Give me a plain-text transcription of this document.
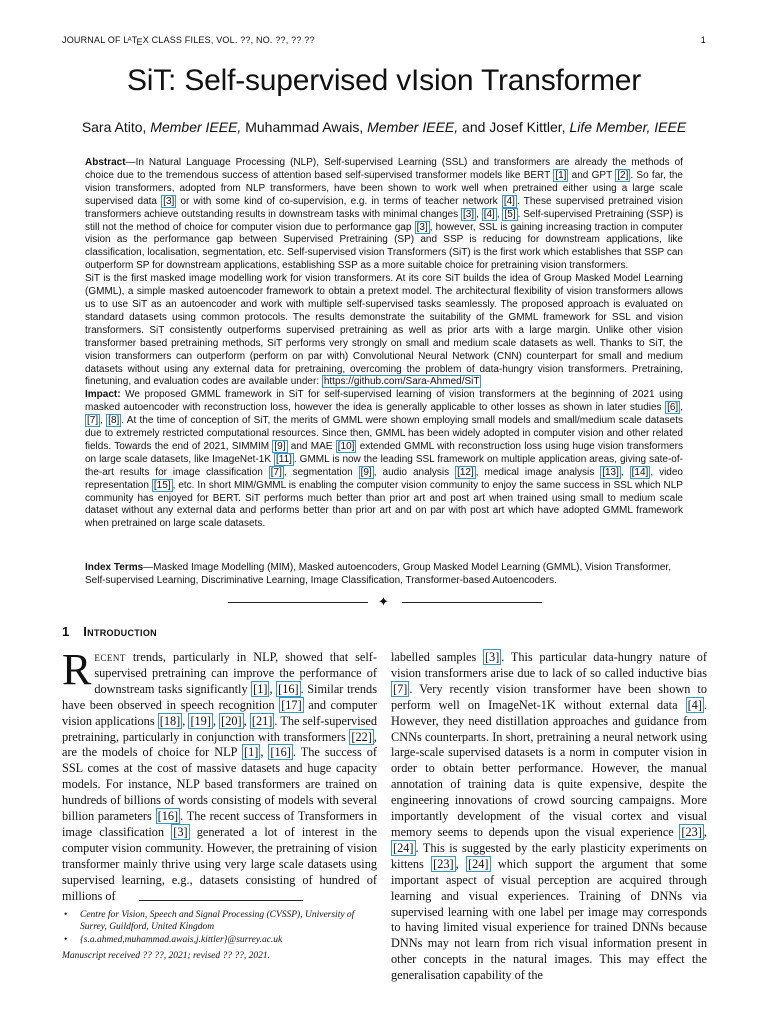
JOURNAL OF $L^ATEX$ CLASS FILES, VOL. ??, NO. ??, ?? ??	1
SiT: Self-supervised vIsion Transformer
Sara Atito, Member IEEE, Muhammad Awais, Member IEEE, and Josef Kittler, Life Member, IEEE

Abstract—In Natural Language Processing (NLP), Self-supervised Learning (SSL) and transformers are already the methods of choice due to the tremendous success of attention based self-supervised transformer models like BERT [1] and GPT [2] . So far, the vision transformers, adopted from NLP transformers, have been shown to work well when pretrained either using a large scale supervised data [3] or with some kind of co-supervision, e.g. in terms of teacher network [4] . These supervised pretrained vision transformers achieve outstanding results in downstream tasks with minimal changes [3] , [4] , [5] . Self-supervised Pretraining (SSP) is still not the method of choice for computer vision due to performance gap [3] , however, SSL is gaining increasing traction in computer vision as the performance gap between Supervised Pretraining (SP) and SSP is reducing for downstream applications, like classification, localisation, segmentation, etc. Self-supervised vision Transformers (SiT) is the first work which establishes that SSP can outperform SP for downstream applications, establishing SSP as a more suitable choice for pretraining vision transformers.

SiT is the first masked image modelling work for vision transformers. At its core SiT builds the idea of Group Masked Model Learning (GMML), a simple masked autoencoder framework to obtain a pretext model. The architectural flexibility of vision transformers allows us to use SiT as an autoencoder and work with multiple self-supervised tasks seamlessly. The proposed approach is evaluated on standard datasets using common protocols. The results demonstrate the suitability of the GMML framework for SSL and vision transformers. SiT consistently outperforms supervised pretraining as well as prior arts with a large margin. Unlike other vision transformer based pretraining methods, SiT performs very strongly on small and medium scale datasets as well. Thanks to SiT, the vision transformers can outperform (perform on par with) Convolutional Neural Network (CNN) counterpart for small and medium datasets without using any external data for pretraining, overcoming the problem of data-hungry vision transformers. Pretraining, finetuning, and evaluation codes are available under: https://github.com/Sara-Ahmed/SiT

Impact: We proposed GMML framework in SiT for self-supervised learning of vision transformers at the beginning of 2021 using masked autoencoder with reconstruction loss, however the idea is generally applicable to other losses as shown in later studies [6] , [7] , [8] . At the time of conception of SiT, the merits of GMML were shown employing small models and small/medium scale datasets due to extremely restricted computational resources. Since then, GMML has been widely adopted in computer vision and other related fields. Towards the end of 2021, SIMMIM [9] and MAE [10] extended GMML with reconstruction loss using huge vision transformers on large scale datasets, like ImageNet-1K [11] . GMML is now the leading SSL framework on multiple application areas, giving sate-of-the-art results for image classification [7] , segmentation [9] , audio analysis [12] , medical image analysis [13] , [14] , video representation [15] , etc. In short MIM/GMML is enabling the computer vision community to enjoy the same success in SSL which NLP community has enjoyed for BERT. SiT performs much better than prior art and post art when trained using small to medium scale dataset without any external data and performs better than prior art and on par with post art which have adopted GMML framework when pretrained on large scale datasets.

Index Terms—Masked Image Modelling (MIM), Masked autoencoders, Group Masked Model Learning (GMML), Vision Transformer, Self-supervised Learning, Discriminative Learning, Image Classification, Transformer-based Autoencoders.
✦
1 Introduction

Recent trends, particularly in NLP, showed that self-supervised pretraining can improve the performance of downstream tasks significantly [1] , [16] . Similar trends have been observed in speech recognition [17] and computer vision applications [18] , [19] , [20] , [21] . The self-supervised pretraining, particularly in conjunction with transformers [22] , are the models of choice for NLP [1] , [16] . The success of SSL comes at the cost of massive datasets and huge capacity models. For instance, NLP based transformers are trained on hundreds of billions of words consisting of models with several billion parameters [16] . The recent success of Transformers in image classification [3] generated a lot of interest in the computer vision community. However, the pretraining of vision transformer mainly thrive using very large scale datasets using supervised learning, e.g., datasets consisting of hundred of millions of

• Centre for Vision, Speech and Signal Processing (CVSSP), University of Surrey, Guildford, United Kingdom
• {s.a.ahmed,muhammad.awais,j.kittler}@surrey.ac.uk
Manuscript received ?? ??, 2021; revised ?? ??, 2021.

labelled samples [3] . This particular data-hungry nature of vision transformers arise due to lack of so called inductive bias [7] . Very recently vision transformer have been shown to perform well on ImageNet-1K without external data [4] . However, they need distillation approaches and guidance from CNNs counterparts. In short, pretraining a neural network using large-scale supervised datasets is a norm in computer vision in order to obtain better performance. However, the manual annotation of training data is quite expensive, despite the engineering innovations of crowd sourcing campaigns. More importantly development of the visual cortex and visual memory seems to depends upon the visual experience [23] , [24] . This is suggested by the early plasticity experiments on kittens [23] , [24] which support the argument that some important aspect of visual perception are acquired through learning and visual experiences. Training of DNNs via supervised learning with one label per image may corresponds to having limited visual experience for trained DNNs because DNNs may not learn from rich visual information present in other concepts in the natural images. This may effect the generalisation capability of the
